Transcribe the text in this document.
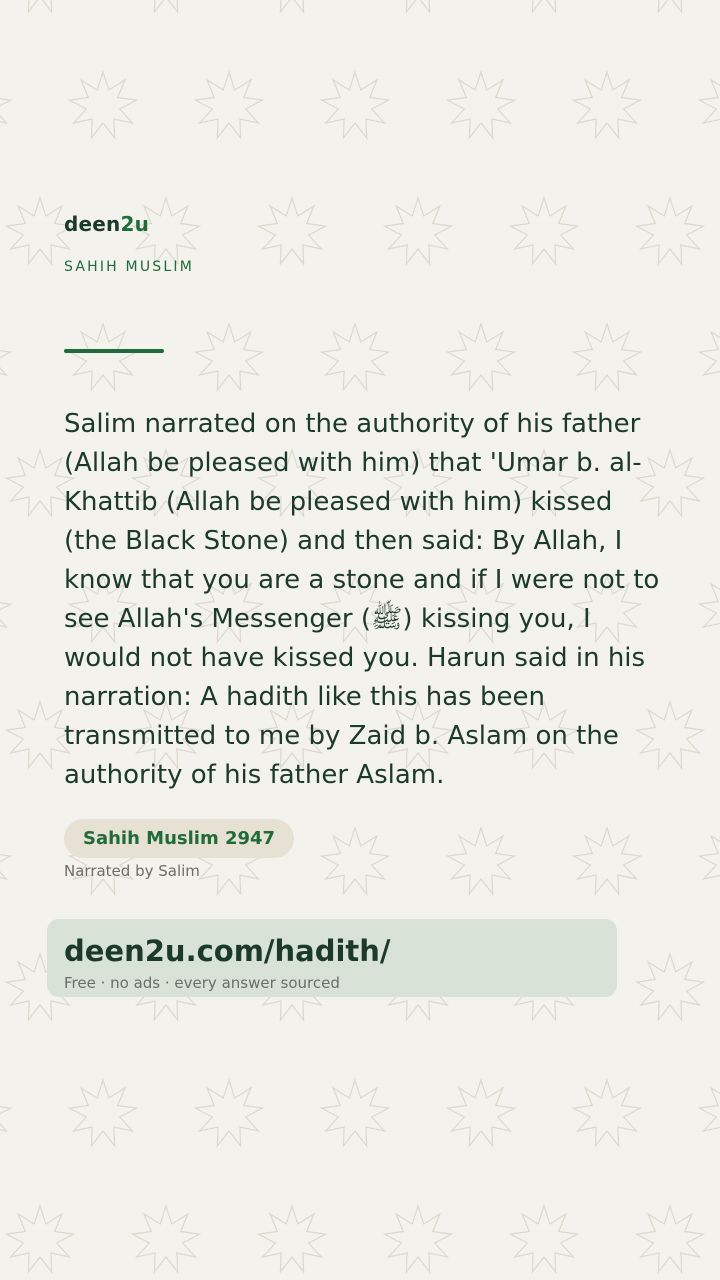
deen2u
SAHIH MUSLIM

Salim narrated on the authority of his father (Allah be pleased with him) that 'Umar b. al-Khattib (Allah be pleased with him) kissed (the Black Stone) and then said: By Allah, I know that you are a stone and if I were not to see Allah's Messenger (ﷺ) kissing you, I would not have kissed you. Harun said in his narration: A hadith like this has been transmitted to me by Zaid b. Aslam on the authority of his father Aslam.

Sahih Muslim 2947
Narrated by Salim
deen2u.com/hadith/
Free · no ads · every answer sourced
